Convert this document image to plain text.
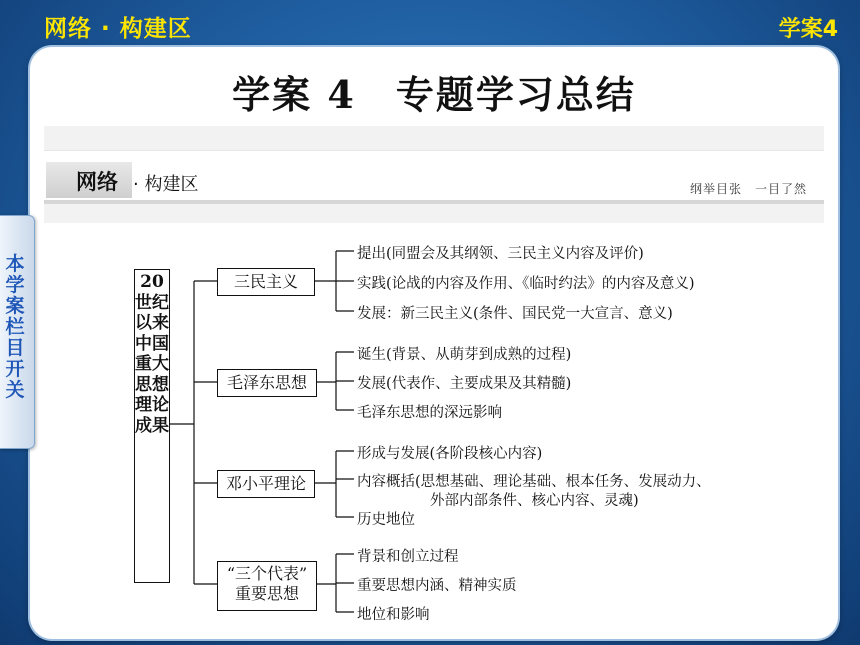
网络 · 构建区	学案4
学案 4　专题学习总结
网络 · 构建区	纲举目张　一目了然
本学案栏目开关
20世纪以来中国重大思想理论成果
三民主义
毛泽东思想
邓小平理论
“三个代表”
重要思想
提出(同盟会及其纲领、三民主义内容及评价)
实践(论战的内容及作用、《临时约法》的内容及意义)
发展：新三民主义(条件、国民党一大宣言、意义)
诞生(背景、从萌芽到成熟的过程)
发展(代表作、主要成果及其精髓)
毛泽东思想的深远影响
形成与发展(各阶段核心内容)
内容概括(思想基础、理论基础、根本任务、发展动力、
外部内部条件、核心内容、灵魂)
历史地位
背景和创立过程
重要思想内涵、精神实质
地位和影响
